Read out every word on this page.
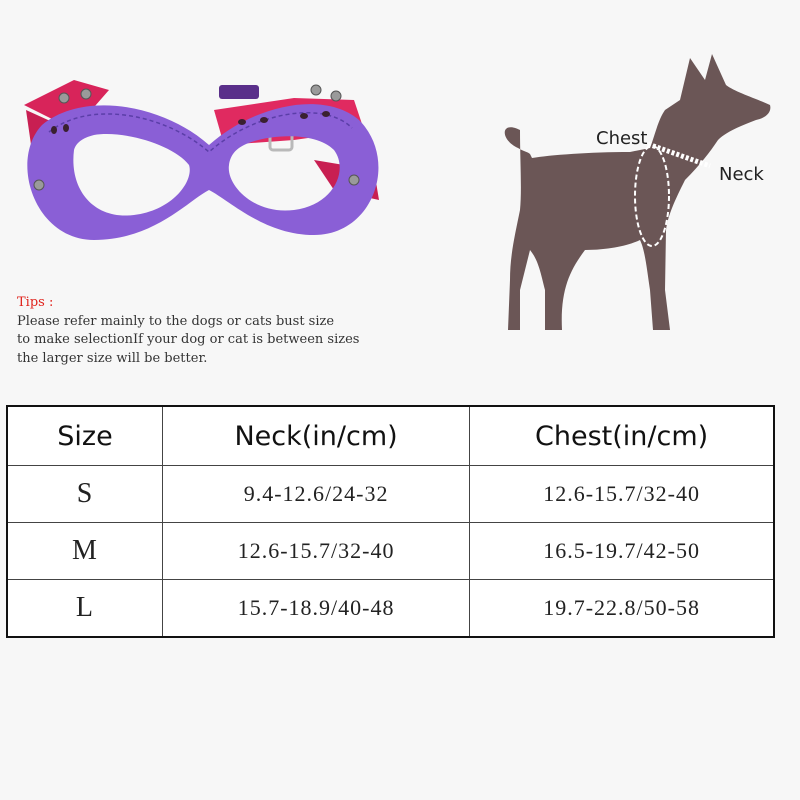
Chest
Neck
Tips :
Please refer mainly to the dogs or cats bust size
to make selectionIf your dog or cat is between sizes
the larger size will be better.
Size	Neck(in/cm)	Chest(in/cm)
S	9.4-12.6/24-32	12.6-15.7/32-40
M	12.6-15.7/32-40	16.5-19.7/42-50
L	15.7-18.9/40-48	19.7-22.8/50-58
